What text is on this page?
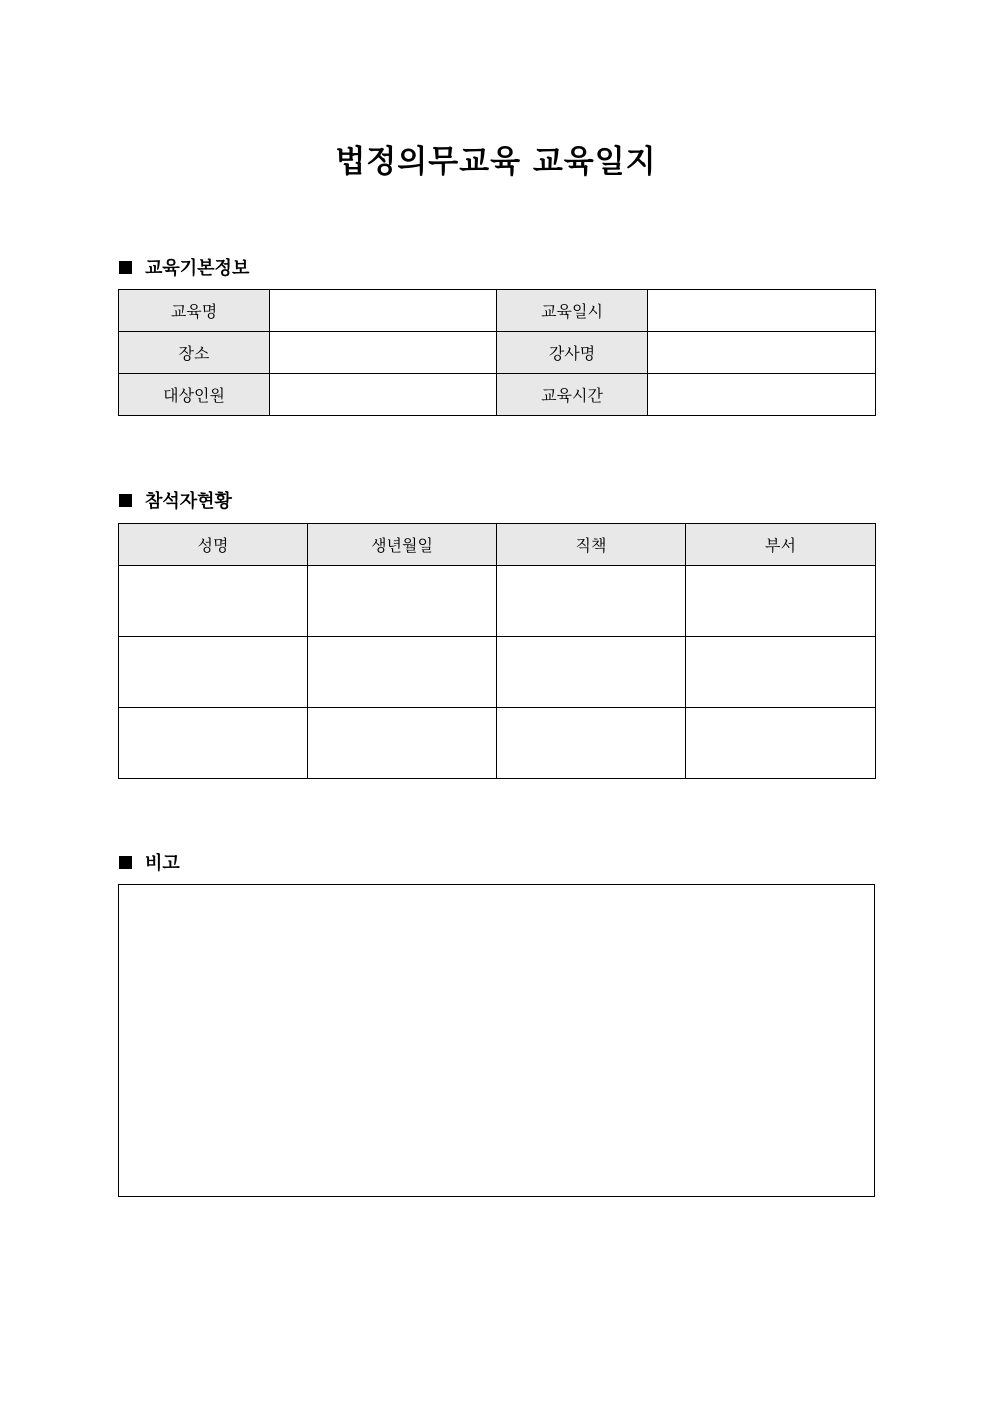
법정의무교육 교육일지
교육기본정보
교육명		교육일시	
장소		강사명	
대상인원		교육시간	
참석자현황
성명	생년월일	직책	부서

비고
